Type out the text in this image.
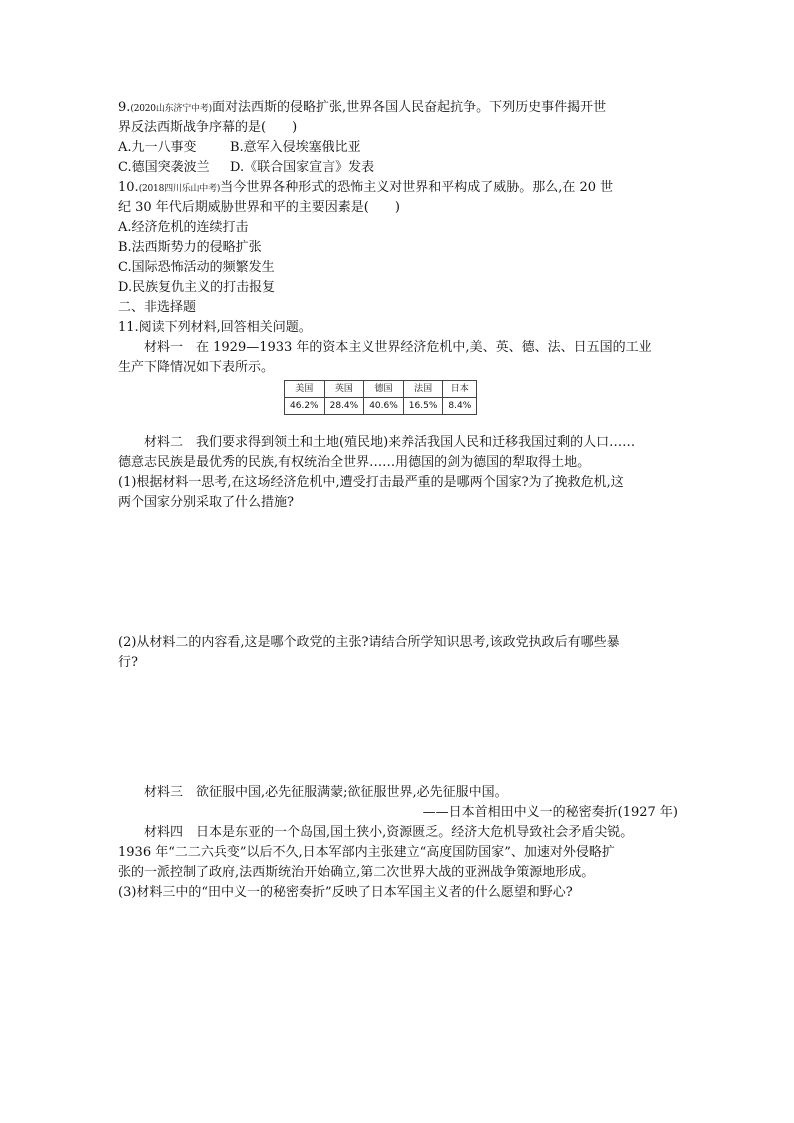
9.(2020山东济宁中考)面对法西斯的侵略扩张,世界各国人民奋起抗争。下列历史事件揭开世
界反法西斯战争序幕的是(　　)
A.九一八事变	B.意军入侵埃塞俄比亚
C.德国突袭波兰 D.《联合国家宣言》发表
10.(2018四川乐山中考)当今世界各种形式的恐怖主义对世界和平构成了威胁。那么,在 20 世
纪 30 年代后期威胁世界和平的主要因素是(　　)
A.经济危机的连续打击
B.法西斯势力的侵略扩张
C.国际恐怖活动的频繁发生
D.民族复仇主义的打击报复
二、非选择题
11.阅读下列材料,回答相关问题。
材料一　在 1929—1933 年的资本主义世界经济危机中,美、英、德、法、日五国的工业
生产下降情况如下表所示。
美国	英国	德国	法国	日本
46.2%	28.4%	40.6%	16.5%	8.4%
材料二　我们要求得到领土和土地(殖民地)来养活我国人民和迁移我国过剩的人口……
德意志民族是最优秀的民族,有权统治全世界……用德国的剑为德国的犁取得土地。
(1)根据材料一思考,在这场经济危机中,遭受打击最严重的是哪两个国家?为了挽救危机,这
两个国家分别采取了什么措施?
(2)从材料二的内容看,这是哪个政党的主张?请结合所学知识思考,该政党执政后有哪些暴
行?
材料三　欲征服中国,必先征服满蒙;欲征服世界,必先征服中国。
——日本首相田中义一的秘密奏折(1927 年)
材料四　日本是东亚的一个岛国,国土狭小,资源匮乏。经济大危机导致社会矛盾尖锐。
1936 年“二二六兵变”以后不久,日本军部内主张建立“高度国防国家”、加速对外侵略扩
张的一派控制了政府,法西斯统治开始确立,第二次世界大战的亚洲战争策源地形成。
(3)材料三中的“田中义一的秘密奏折”反映了日本军国主义者的什么愿望和野心?
